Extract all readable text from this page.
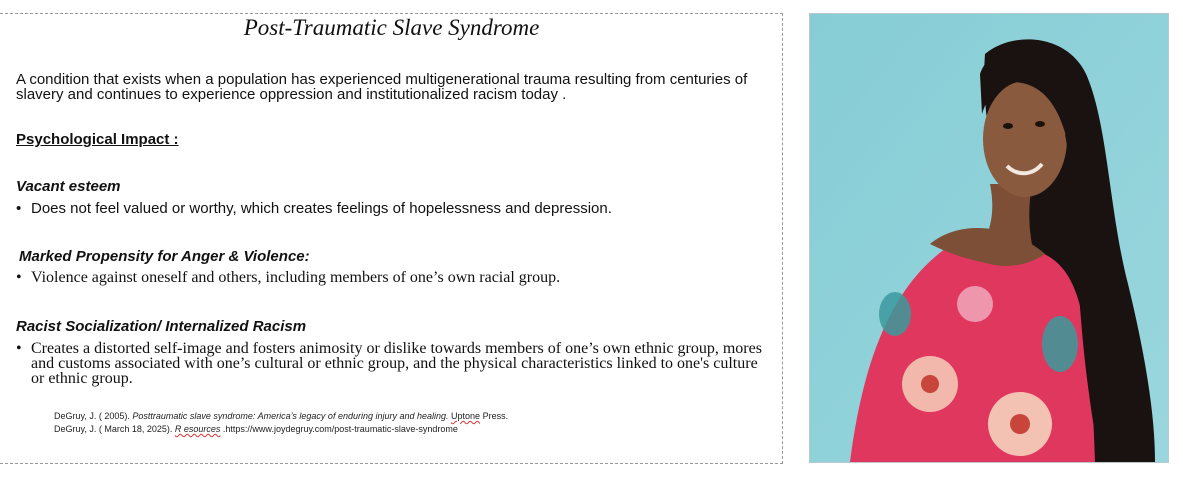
Post-Traumatic Slave Syndrome
A condition that exists when a population has experienced multigenerational trauma resulting from centuries of slavery and continues to experience oppression and institutionalized racism today .
Psychological Impact :
Vacant esteem
• Does not feel valued or worthy, which creates feelings of hopelessness and depression.
Marked Propensity for Anger & Violence:
• Violence against oneself and others, including members of one’s own racial group.
Racist Socialization/ Internalized Racism
• Creates a distorted self-image and fosters animosity or dislike towards members of one’s own ethnic group, mores and customs associated with one’s cultural or ethnic group, and the physical characteristics linked to one's culture or ethnic group.
DeGruy, J. ( 2005). Posttraumatic slave syndrome: America’s legacy of enduring injury and healing. Uptone Press.
DeGruy, J. ( March 18, 2025). R esources .https://www.joydegruy.com/post-traumatic-slave-syndrome
